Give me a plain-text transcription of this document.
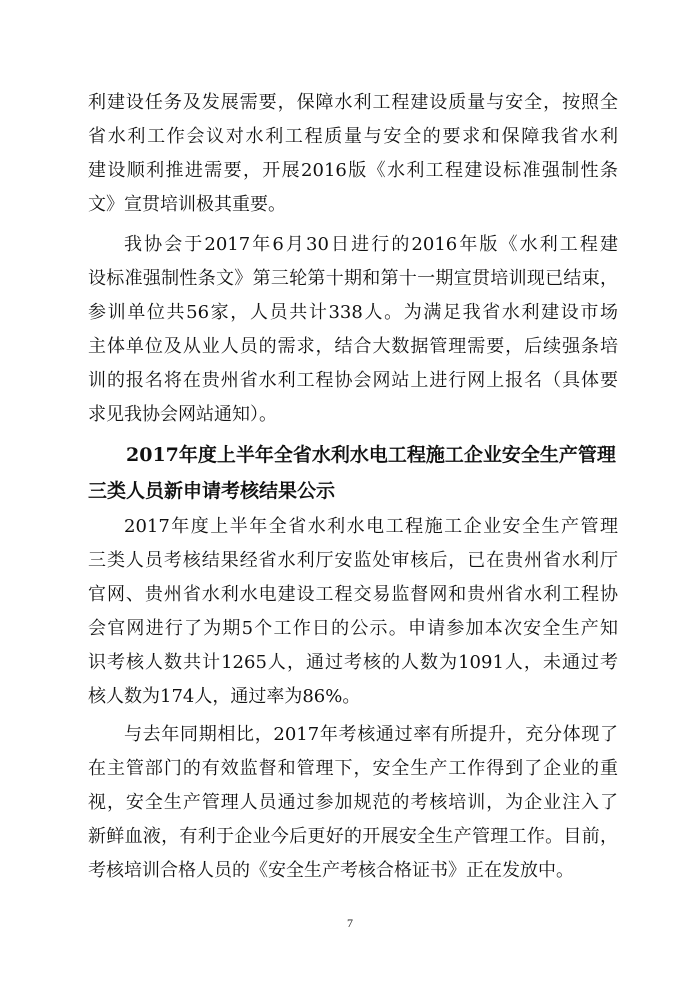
利建设任务及发展需要，保障水利工程建设质量与安全，按照全
省水利工作会议对水利工程质量与安全的要求和保障我省水利
建设顺利推进需要，开展2016版《水利工程建设标准强制性条
文》宣贯培训极其重要。
我协会于2017年6月30日进行的2016年版《水利工程建
设标准强制性条文》第三轮第十期和第十一期宣贯培训现已结束，
参训单位共56家，人员共计338人。为满足我省水利建设市场
主体单位及从业人员的需求，结合大数据管理需要，后续强条培
训的报名将在贵州省水利工程协会网站上进行网上报名（具体要
求见我协会网站通知）。
2017年度上半年全省水利水电工程施工企业安全生产管理
三类人员新申请考核结果公示
2017年度上半年全省水利水电工程施工企业安全生产管理
三类人员考核结果经省水利厅安监处审核后，已在贵州省水利厅
官网、贵州省水利水电建设工程交易监督网和贵州省水利工程协
会官网进行了为期5个工作日的公示。申请参加本次安全生产知
识考核人数共计1265人，通过考核的人数为1091人，未通过考
核人数为174人，通过率为86%。
与去年同期相比，2017年考核通过率有所提升，充分体现了
在主管部门的有效监督和管理下，安全生产工作得到了企业的重
视，安全生产管理人员通过参加规范的考核培训，为企业注入了
新鲜血液，有利于企业今后更好的开展安全生产管理工作。目前，
考核培训合格人员的《安全生产考核合格证书》正在发放中。
7
